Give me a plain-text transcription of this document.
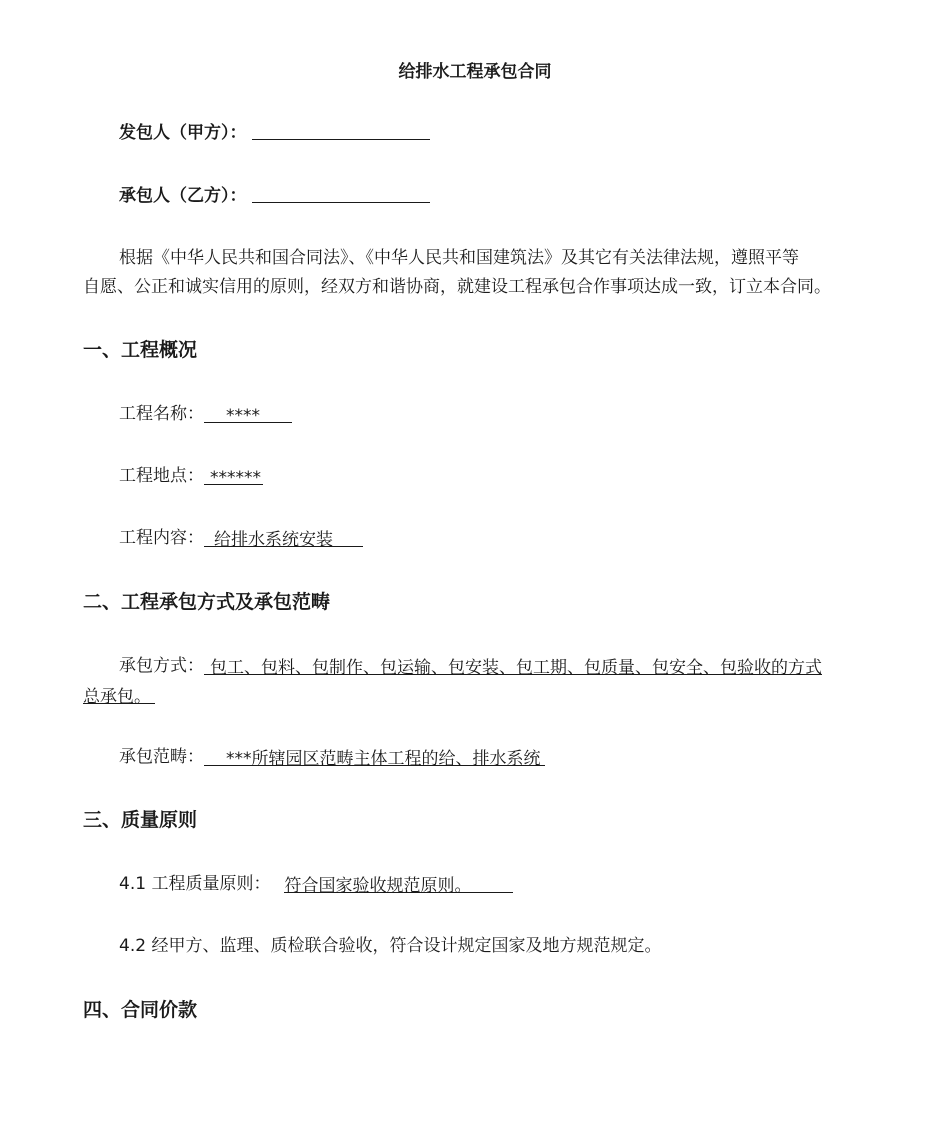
给排水工程承包合同
发包人（甲方）：
承包人（乙方）：
根据《中华人民共和国合同法》、《中华人民共和国建筑法》及其它有关法律法规，遵照平等
自愿、公正和诚实信用的原则，经双方和谐协商，就建设工程承包合作事项达成一致，订立本合同。
一、工程概况
工程名称： ****
工程地点： ******
工程内容： 给排水系统安装
二、工程承包方式及承包范畴
承包方式： 包工、包料、包制作、包运输、包安装、包工期、包质量、包安全、包验收的方式
总承包。
承包范畴： ***所辖园区范畴主体工程的给、排水系统
三、质量原则
4.1 工程质量原则： 符合国家验收规范原则。
4.2 经甲方、监理、质检联合验收，符合设计规定国家及地方规范规定。
四、合同价款
